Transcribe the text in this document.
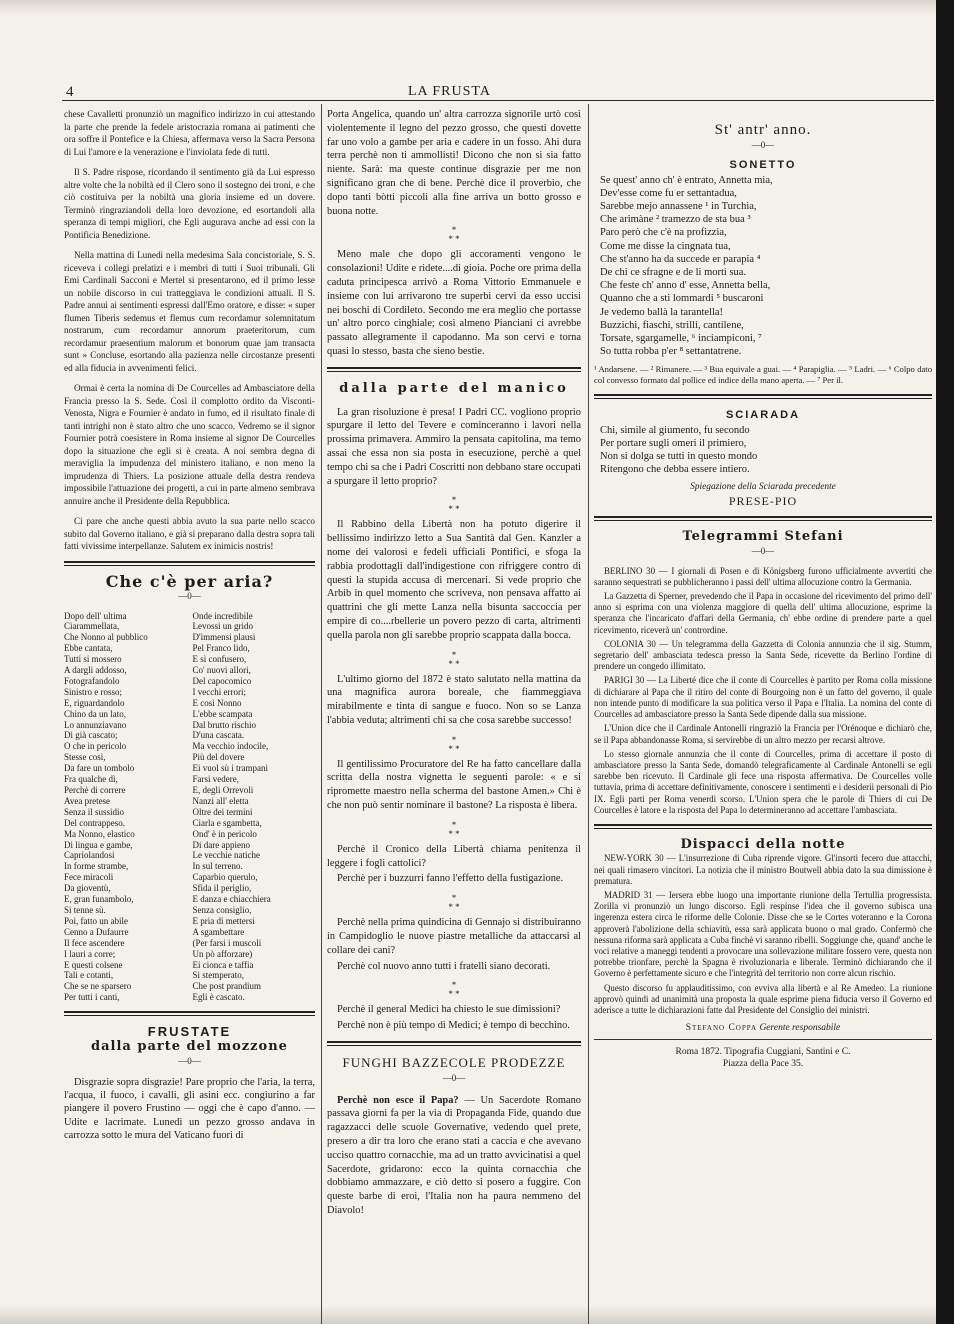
4	LA FRUSTA

chese Cavalletti pronunziò un magnifico indirizzo in cui attestando la parte che prende la fedele aristocrazia romana ai patimenti che ora soffre il Pontefice e la Chiesa, affermava verso la Sacra Persona di Lui l'amore e la venerazione e l'inviolata fede di tutti.

Il S. Padre rispose, ricordando il sentimento già da Lui espresso altre volte che la nobiltà ed il Clero sono il sostegno dei troni, e che ciò costituiva per la nobiltà una gloria insieme ed un dovere. Terminò ringraziandoli della loro devozione, ed esortandoli alla speranza di tempi migliori, che Egli augurava anche ad essi con la Pontificia Benedizione.

Nella mattina di Lunedì nella medesima Sala concistoriale, S. S. riceveva i collegi prelatizi e i membri di tutti i Suoi tribunali. Gli Emi Cardinali Sacconi e Mertel si presentarono, ed il primo lesse un nobile discorso in cui tratteggiava le condizioni attuali. Il S. Padre annuì ai sentimenti espressi dall'Emo oratore, e disse: « super flumen Tiberis sedemus et flemus cum recordamur solemnitatum nostrarum, cum recordamur annorum praeteritorum, cum recordamur praesentium malorum et bonorum quae jam transacta sunt » Concluse, esortando alla pazienza nelle circostanze presenti ed alla fiducia in avvenimenti felici.

Ormai è certa la nomina di De Courcelles ad Ambasciatore della Francia presso la S. Sede. Così il complotto ordito da Visconti-Venosta, Nigra e Fournier è andato in fumo, ed il risultato finale di tanti intrighi non è stato altro che uno scacco. Vedremo se il signor Fournier potrà coesistere in Roma insieme al signor De Courcelles dopo la situazione che egli si è creata. A noi sembra degna di meraviglia la impudenza del ministero italiano, e non meno la imprudenza di Thiers. La posizione attuale della destra rendeva impossibile l'attuazione dei progetti, a cui in parte almeno sembrava annuire anche il Presidente della Repubblica.

Ci pare che anche questi abbia avuto la sua parte nello scacco subito dal Governo italiano, e già si preparano dalla destra sopra tali fatti vivissime interpellanze. Salutem ex inimicis nostris!

Che c'è per aria?
—0—
Dopo dell' ultima
Ciarammellata,
Che Nonno al pubblico
Ebbe cantata,
Tutti si mossero
A dargli addosso,
Fotografandolo
Sinistro e rosso;
E, riguardandolo
Chino da un lato,
Lo annunziavano
Di già cascato;
O che in pericolo
Stesse così,
Da fare un tombolo
Fra qualche dì,
Perchè di correre
Avea pretese
Senza il sussidio
Del contrappeso.
Ma Nonno, elastico
Di lingua e gambe,
Capriolandosi
In forme strambe,
Fece miracoli
Da gioventù,
E, gran funambolo,
Si tenne sù.
Poi, fatto un abile
Cenno a Dufaurre
Il fece ascendere
I lauri a corre;
E questi colsene
Tali e cotanti,
Che se ne sparsero
Per tutti i canti,
Onde incredibile
Levossi un grido
D'immensi plausi
Pel Franco lido,
E sì confusero,
Co' nuovi allori,
Del capocomico
I vecchi errori;
E così Nonno
L'ebbe scampata
Dal brutto rischio
D'una cascata.
Ma vecchio indocile,
Più del dovere
Ei vuol sù i trampani
Farsi vedere,
E, degli Orrevoli
Nanzi all' eletta
Oltre dei termini
Ciarla e sgambetta,
Ond' è in pericolo
Di dare appieno
Le vecchie natiche
In sul terreno.
Caparbio querulo,
Sfida il periglio,
E danza e chiacchiera
Senza consiglio,
E pria di mettersi
A sgambettare
(Per farsi i muscoli
Un pò afforzare)
Ei cionca e taffia
Si stemperato,
Che post prandium
Egli è cascato.
FRUSTATE
dalla parte del mozzone
—0—

Disgrazie sopra disgrazie! Pare proprio che l'aria, la terra, l'acqua, il fuoco, i cavalli, gli asini ecc. congiurino a far piangere il povero Frustino — oggi che è capo d'anno. — Udite e lacrimate. Lunedì un pezzo grosso andava in carrozza sotto le mura del Vaticano fuori di

Porta Angelica, quando un' altra carrozza signorile urtò così violentemente il legno del pezzo grosso, che questi dovette far uno volo a gambe per aria e cadere in un fosso. Ahi dura terra perchè non ti ammollisti! Dicono che non si sia fatto niente. Sarà: ma queste continue disgrazie per me non significano gran che di bene. Perchè dice il proverbio, che dopo tanti bòtti piccoli alla fine arriva un botto grosso e buona notte.

*
* *

Meno male che dopo gli accoramenti vengono le consolazioni! Udite e ridete....di gioia. Poche ore prima della caduta principesca arrivò a Roma Vittorio Emmanuele e insieme con lui arrivarono tre superbi cervi da esso uccisi nei boschi di Cordileto. Secondo me era meglio che portasse un' altro porco cinghiale; così almeno Pianciani ci avrebbe passato allegramente il capodanno. Ma son cervi e torna quasi lo stesso, basta che sieno bestie.

dalla parte del manico

La gran risoluzione è presa! I Padri CC. vogliono proprio spurgare il letto del Tevere e cominceranno i lavori nella prossima primavera. Ammiro la pensata capitolina, ma temo assai che essa non sia posta in esecuzione, perchè a quel tempo chi sa che i Padri Coscritti non debbano stare occupati a spurgare il letto proprio?

*
* *

Il Rabbino della Libertà non ha potuto digerire il bellissimo indirizzo letto a Sua Santità dal Gen. Kanzler a nome dei valorosi e fedeli ufficiali Pontifici, e sfoga la rabbia prodottagli dall'indigestione con rifriggere contro di questi la stupida accusa di mercenari. Si vede proprio che Arbib in quel momento che scriveva, non pensava affatto ai quattrini che gli mette Lanza nella bisunta saccoccia per empire di co....rbellerie un povero pezzo di carta, altrimenti quella parola non gli sarebbe proprio scappata dalla bocca.

*
* *

L'ultimo giorno del 1872 è stato salutato nella mattina da una magnifica aurora boreale, che fiammeggiava mirabilmente e tinta di sangue e fuoco. Non so se Lanza l'abbia veduta; altrimenti chi sa che cosa sarebbe successo!

*
* *

Il gentilissimo Procuratore del Re ha fatto cancellare dalla scritta della nostra vignetta le seguenti parole: « e si ripromette maestro nella scherma del bastone Amen.» Chi è che non può sentir nominare il bastone? La risposta è libera.

*
* *

Perchè il Cronico della Libertà chiama penitenza il leggere i fogli cattolici?

Perchè per i buzzurri fanno l'effetto della fustigazione.

*
* *

Perchè nella prima quindicina di Gennajo si distribuiranno in Campidoglio le nuove piastre metalliche da attaccarsi al collare dei cani?

Perchè col nuovo anno tutti i fratelli siano decorati.

*
* *

Perchè il general Medici ha chiesto le sue dimissioni?

Perchè non è più tempo di Medici; è tempo di becchino.

FUNGHI BAZZECOLE PRODEZZE
—0—

Perchè non esce il Papa? — Un Sacerdote Romano passava giorni fa per la via di Propaganda Fide, quando due ragazzacci delle scuole Governative, vedendo quel prete, presero a dir tra loro che erano stati a caccia e che avevano ucciso quattro cornacchie, ma ad un tratto avvicinatisi a quel Sacerdote, gridarono: ecco la quinta cornacchia che dobbiamo ammazzare, e ciò detto si posero a fuggire. Con queste barbe di eroi, l'Italia non ha paura nemmeno del Diavolo!

St' antr' anno.
—0—
SONETTO
Se quest' anno ch' è entrato, Annetta mia,
Dev'esse come fu er settantadua,
Sarebbe mejo annassene ¹ in Turchia,
Che arimàne ² tramezzo de sta bua ³
Paro però che c'è na profizzia,
Come me disse la cingnata tua,
Che st'anno ha da succede er parapia ⁴
De chi ce sfragne e de li morti sua.
Che feste ch' anno d' esse, Annetta bella,
Quanno che a sti lommardi ⁵ buscaroni
Je vedemo ballà la tarantella!
Buzzichi, fiaschi, strilli, cantilene,
Torsate, sgargamelle, ⁶ inciampiconi, ⁷
So tutta robba p'er ⁸ settantatrene.
¹ Andarsene. — ² Rimanere. — ³ Bua equivale a guai. — ⁴ Parapiglia. — ⁵ Ladri. — ⁶ Colpo dato col convesso formato dal pollice ed indice della mano aperta. — ⁷ Per il.
SCIARADA
Chi, simile al giumento, fu secondo
Per portare sugli omeri il primiero,
Non si dolga se tutti in questo mondo
Ritengono che debba essere intiero.
Spiegazione della Sciarada precedente
PRESE-PIO
Telegrammi Stefani
—0—

BERLINO 30 — I giornali di Posen e di Königsberg furono ufficialmente avvertiti che saranno sequestrati se pubblicheranno i passi dell' ultima allocuzione contro la Germania.

La Gazzetta di Sperner, prevedendo che il Papa in occasione del ricevimento del primo dell' anno si esprima con una violenza maggiore di quella dell' ultima allocuzione, esprime la speranza che l'incaricato d'affari della Germania, ch' ebbe ordine di prendere parte a quel ricevimento, riceverà un' contrordine.

COLONIA 30 — Un telegramma della Gazzetta di Colonia annunzia che il sig. Stumm, segretario dell' ambasciata tedesca presso la Santa Sede, ricevette da Berlino l'ordine di prendere un congedo illimitato.

PARIGI 30 — La Liberté dice che il conte di Courcelles è partito per Roma colla missione di dichiarare al Papa che il ritiro del conte di Bourgoing non è un fatto del governo, il quale non intende punto di modificare la sua politica verso il Papa e l'Italia. La nomina del conte di Courcelles ad ambasciatore presso la Santa Sede dipende dalla sua missione.

L'Union dice che il Cardinale Antonelli ringraziò la Francia per l'Orénoque e dichiarò che, se il Papa abbandonasse Roma, si servirebbe di un altro mezzo per recarsi altrove.

Lo stesso giornale annunzia che il conte di Courcelles, prima di accettare il posto di ambasciatore presso la Santa Sede, domandò telegraficamente al Cardinale Antonelli se egli sarebbe ben ricevuto. Il Cardinale gli fece una risposta affermativa. De Courcelles volle tuttavia, prima di accettare definitivamente, conoscere i sentimenti e i desiderii personali di Pio IX. Egli parti per Roma venerdì scorso. L'Union spera che le parole di Thiers di cui De Courcelles è latore e la risposta del Papa lo determineranno ad accettare l'ambasciata.

Dispacci della notte

NEW-YORK 30 — L'insurrezione di Cuba riprende vigore. Gl'insorti fecero due attacchi, nei quali rimasero vincitori. La notizia che il ministro Boutwell abbia dato la sua dimissione è prematura.

MADRID 31 — Iersera ebbe luogo una importante riunione della Tertullia progressista. Zorilla vi pronunziò un lungo discorso. Egli respinse l'idea che il governo subisca una ingerenza estera circa le riforme delle Colonie. Disse che se le Cortes voteranno e la Corona approverà l'abolizione della schiavitù, essa sarà applicata buono o mal grado. Confermò che nessuna riforma sarà applicata a Cuba finchè vi saranno ribelli. Soggiunge che, quand' anche le voci relative a maneggi tendenti a provocare una sollevazione militare fossero vere, questa non potrebbe trionfare, perchè la Spagna è rivoluzionaria e liberale. Terminò dichiarando che il Governo è perfettamente sicuro e che l'integrità del territorio non corre alcun rischio.

Questo discorso fu applauditissimo, con evviva alla libertà e al Re Amedeo. La riunione approvò quindi ad unanimità una proposta la quale esprime piena fiducia verso il Governo ed aderisce a tutte le dichiarazioni fatte dal Presidente del Consiglio dei ministri.

Stefano Coppa Gerente responsabile
Roma 1872. Tipografia Cuggiani, Santini e C.
Piazza della Pace 35.
